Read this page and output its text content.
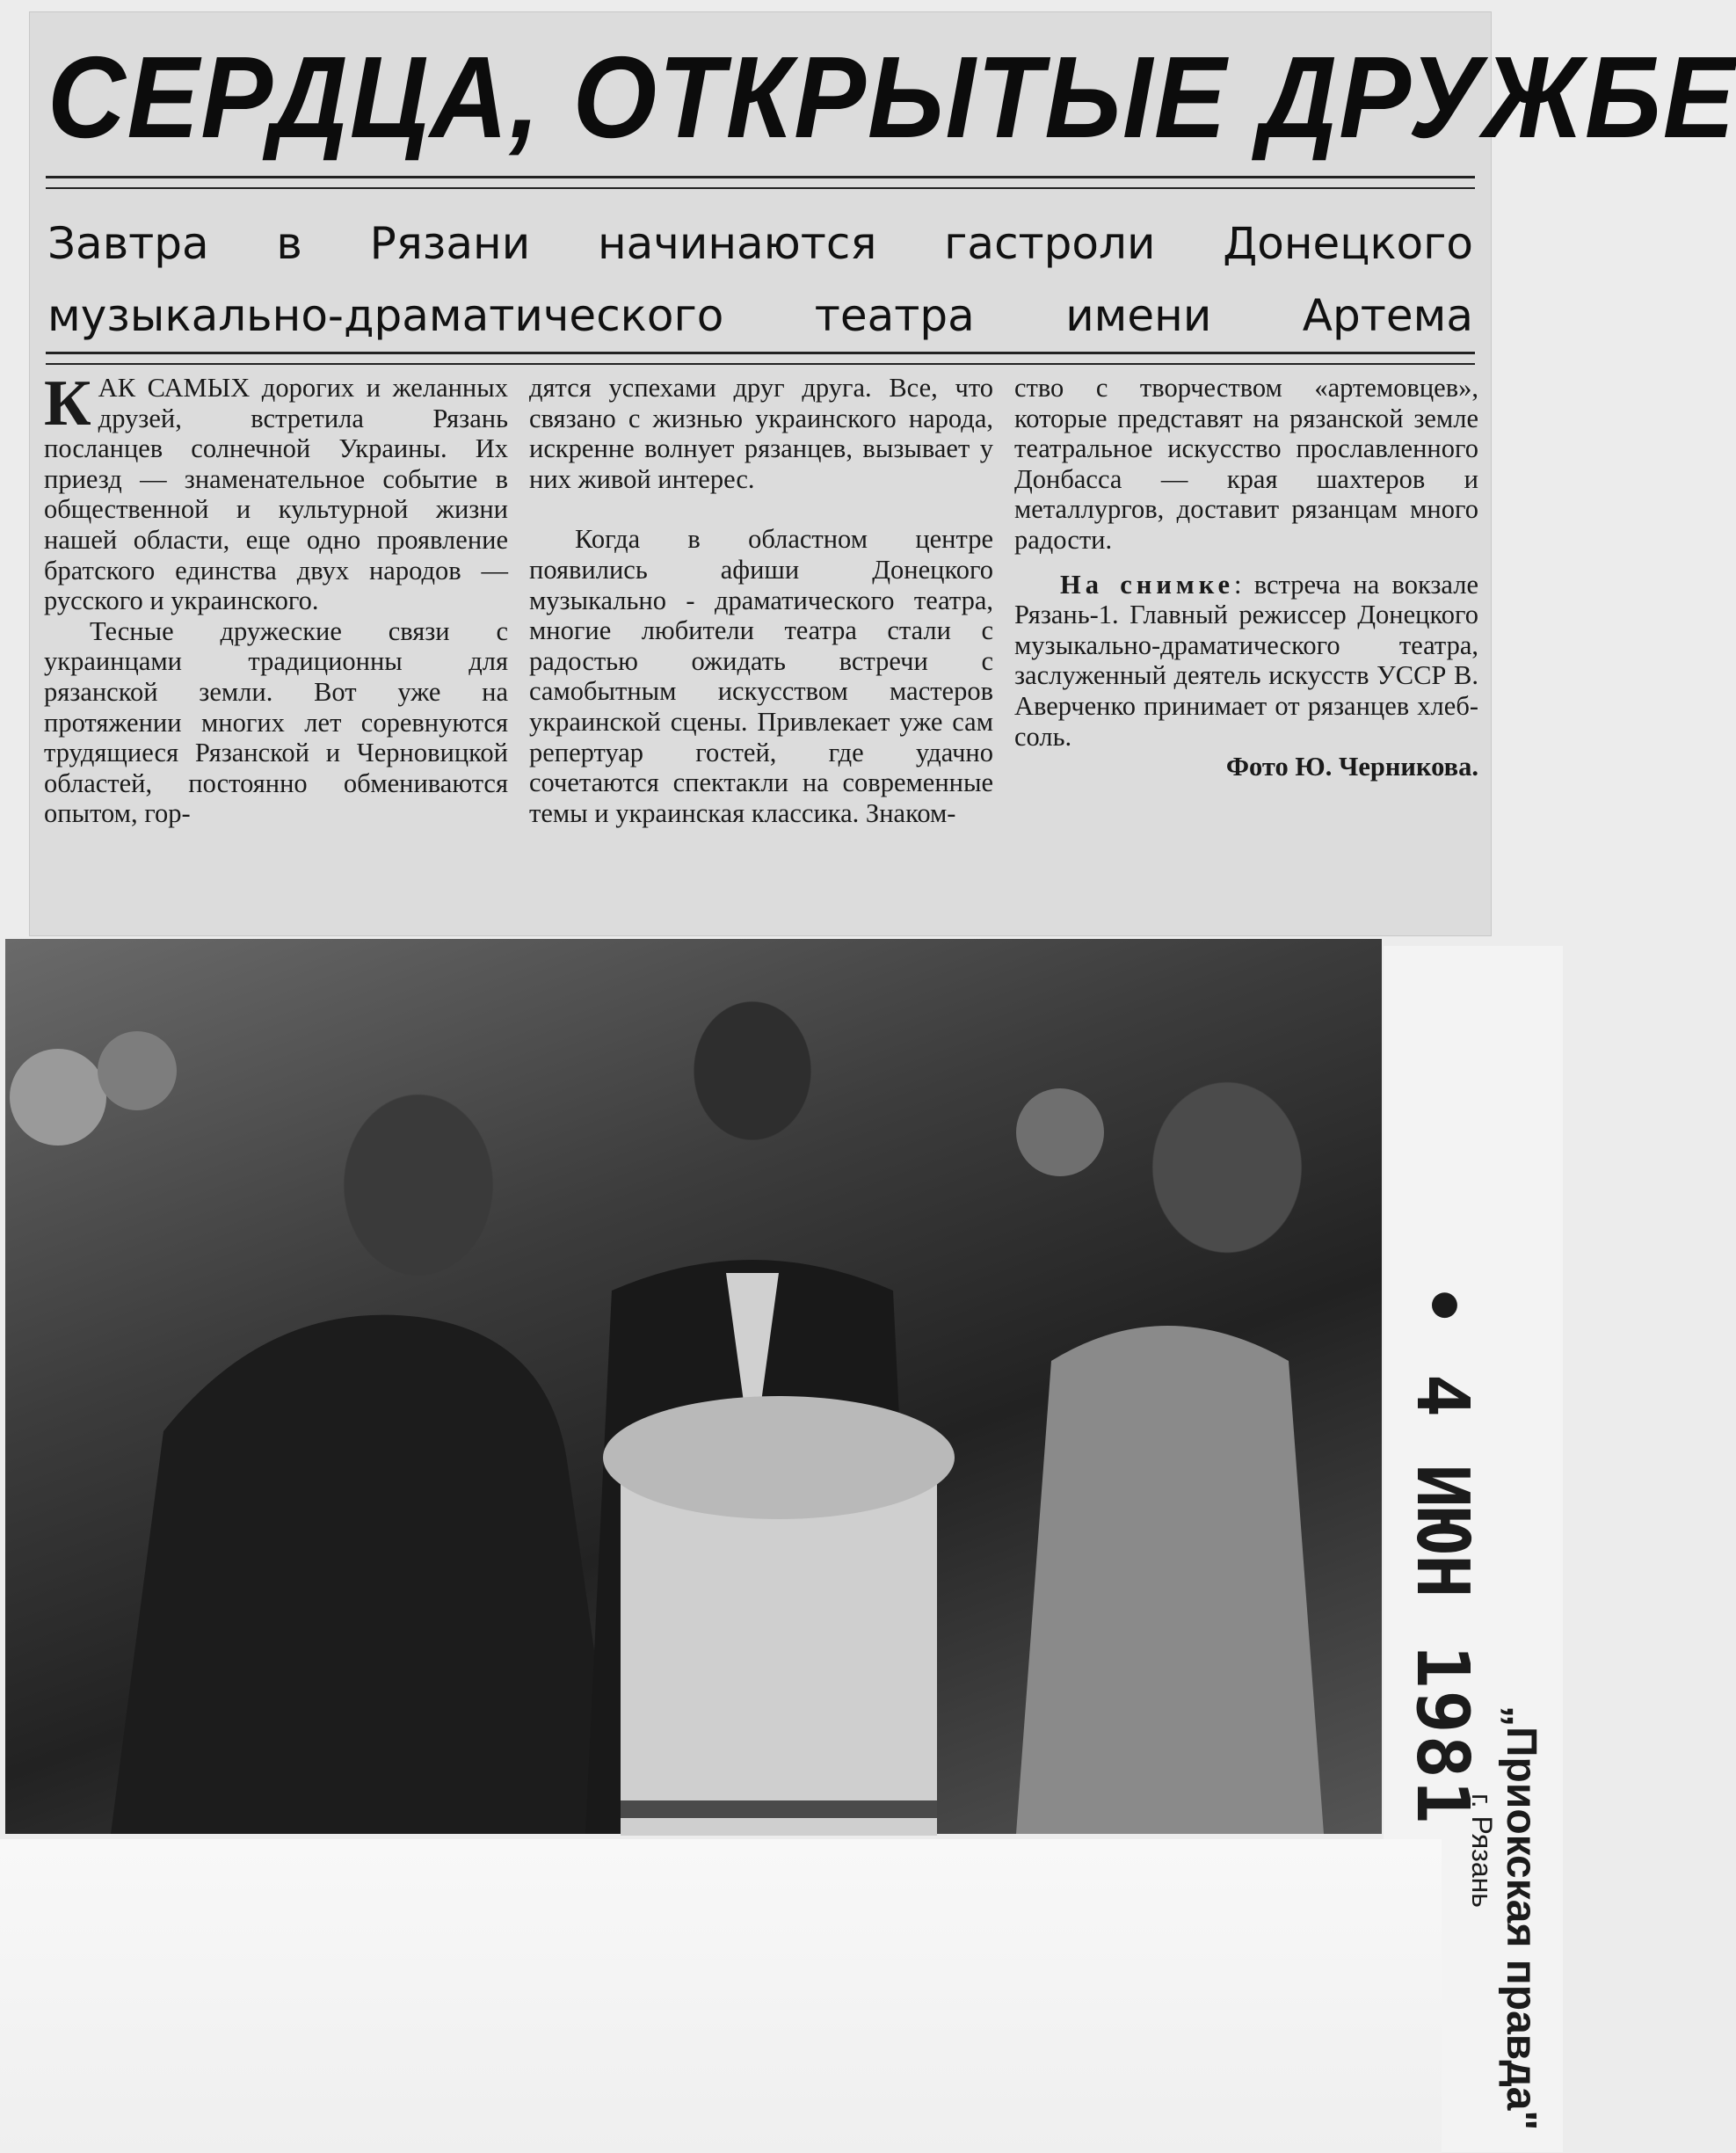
СЕРДЦА, ОТКРЫТЫЕ ДРУЖБЕ
Завтра в Рязани начинаются гастроли Донецкого
музыкально-драматического театра имени Артема

КАК САМЫХ дорогих и желанных друзей, встретила Рязань посланцев солнечной Украины. Их приезд — знаменательное событие в общественной и культурной жизни нашей области, еще одно проявление братского единства двух народов — русского и украинского.

Тесные дружеские связи с украинцами традиционны для рязанской земли. Вот уже на протяжении многих лет соревнуются трудящиеся Рязанской и Черновицкой областей, постоянно обмениваются опытом, гор-

дятся успехами друг друга. Все, что связано с жизнью украинского народа, искренне волнует рязанцев, вызывает у них живой интерес.

Когда в областном центре появились афиши Донецкого музыкально - драматического театра, многие любители театра стали с радостью ожидать встречи с самобытным искусством мастеров украинской сцены. Привлекает уже сам репертуар гостей, где удачно сочетаются спектакли на современные темы и украинская классика. Знаком-

ство с творчеством «артемовцев», которые представят на рязанской земле театральное искусство прославленного Донбасса — края шахтеров и металлургов, доставит рязанцам много радости.

На снимке: встреча на вокзале Рязань-1. Главный режиссер Донецкого музыкально-драматического театра, заслуженный деятель искусств УССР В. Аверченко принимает от рязанцев хлеб-соль.

Фото Ю. Черникова.

• 4 ИЮН 1981
„Приокская правда"
г. Рязань
